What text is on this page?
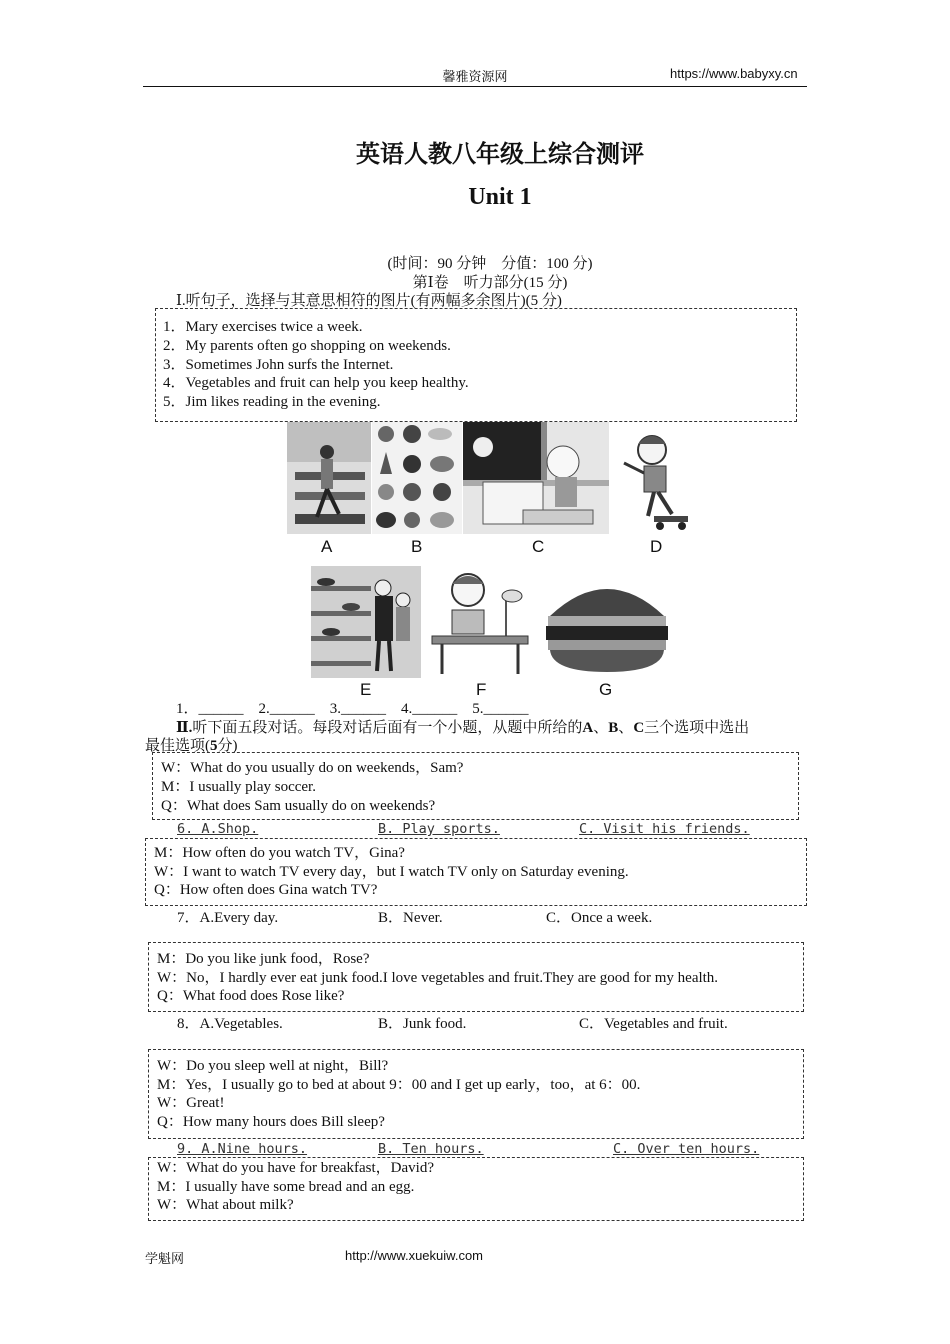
馨雅资源网	https://www.babyxy.cn
英语人教八年级上综合测评
Unit 1
(时间：90 分钟　分值：100 分)
第Ⅰ卷　听力部分(15 分)
Ⅰ.听句子，选择与其意思相符的图片(有两幅多余图片)(5 分)
1．Mary exercises twice a week.
2．My parents often go shopping on weekends.
3．Sometimes John surfs the Internet.
4．Vegetables and fruit can help you keep healthy.
5．Jim likes reading in the evening.
A	B	C	D
E	F	G
1．______　2.______　3.______　4.______　5.______
Ⅱ.听下面五段对话。每段对话后面有一个小题，从题中所给的A、B、C三个选项中选出
最佳选项(5分)
W：What do you usually do on weekends，Sam?
M：I usually play soccer.
Q：What does Sam usually do on weekends?
6. A.Shop.	B. Play sports.	C. Visit his friends.
M：How often do you watch TV，Gina?
W：I want to watch TV every day，but I watch TV only on Saturday evening.
Q：How often does Gina watch TV?
7．A.Every day.	B．Never.	C．Once a week.
M：Do you like junk food，Rose?
W：No，I hardly ever eat junk food.I love vegetables and fruit.They are good for my health.
Q：What food does Rose like?
8．A.Vegetables.	B．Junk food.	C．Vegetables and fruit.
W：Do you sleep well at night，Bill?
M：Yes，I usually go to bed at about 9：00 and I get up early，too，at 6：00.
W：Great!
Q：How many hours does Bill sleep?
9. A.Nine hours.	B. Ten hours.	C. Over ten hours.
W：What do you have for breakfast，David?
M：I usually have some bread and an egg.
W：What about milk?
学魁网	http://www.xuekuiw.com
